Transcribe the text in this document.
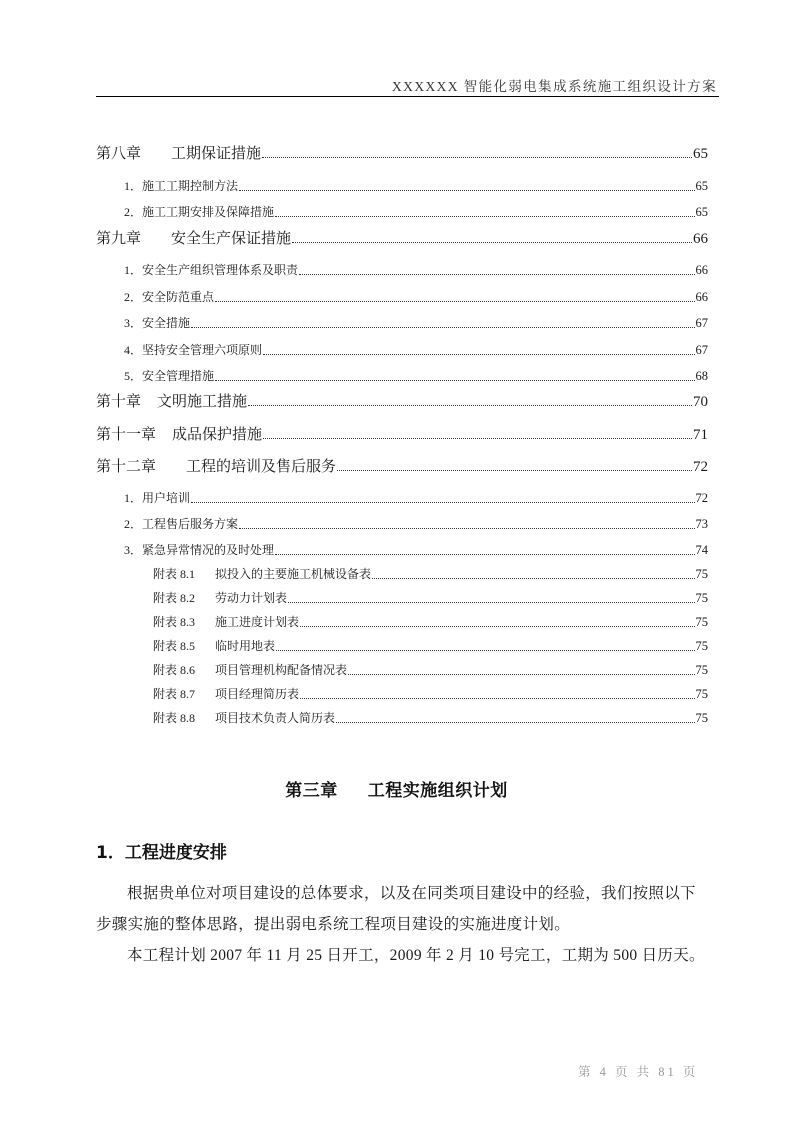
XXXXXX 智能化弱电集成系统施工组织设计方案
第八章 工期保证措施	65
1．施工工期控制方法	65
2．施工工期安排及保障措施	65
第九章 安全生产保证措施	66
1．安全生产组织管理体系及职责	66
2．安全防范重点	66
3．安全措施	67
4．坚持安全管理六项原则	67
5．安全管理措施	68
第十章 文明施工措施	70
第十一章 成品保护措施	71
第十二章 工程的培训及售后服务	72
1．用户培训	72
2．工程售后服务方案	73
3．紧急异常情况的及时处理	74
附表 8.1 拟投入的主要施工机械设备表	75
附表 8.2 劳动力计划表	75
附表 8.3 施工进度计划表	75
附表 8.5 临时用地表	75
附表 8.6 项目管理机构配备情况表	75
附表 8.7 项目经理简历表	75
附表 8.8 项目技术负责人简历表	75
第三章 工程实施组织计划
1．工程进度安排
根据贵单位对项目建设的总体要求，以及在同类项目建设中的经验，我们按照以下
步骤实施的整体思路，提出弱电系统工程项目建设的实施进度计划。
本工程计划 2007 年 11 月 25 日开工，2009 年 2 月 10 号完工，工期为 500 日历天。
第 4 页 共 81 页
